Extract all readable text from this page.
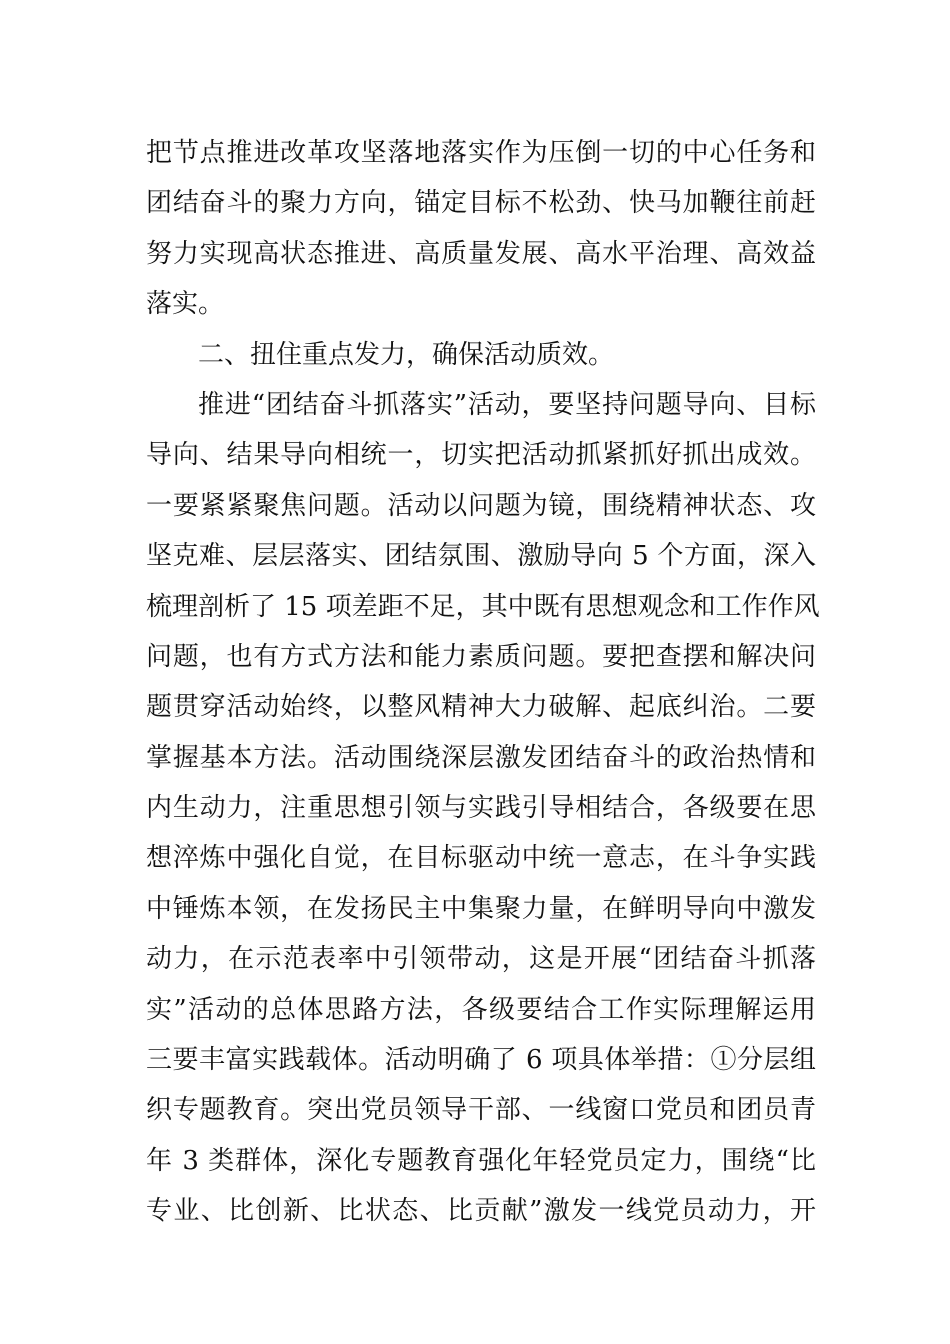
把节点推进改革攻坚落地落实作为压倒一切的中心任务和
团结奋斗的聚力方向，锚定目标不松劲、快马加鞭往前赶
努力实现高状态推进、高质量发展、高水平治理、高效益
落实。
二、扭住重点发力，确保活动质效。
推进“团结奋斗抓落实”活动，要坚持问题导向、目标
导向、结果导向相统一，切实把活动抓紧抓好抓出成效。
一要紧紧聚焦问题。活动以问题为镜，围绕精神状态、攻
坚克难、层层落实、团结氛围、激励导向 5 个方面，深入
梳理剖析了 15 项差距不足，其中既有思想观念和工作作风
问题，也有方式方法和能力素质问题。要把查摆和解决问
题贯穿活动始终，以整风精神大力破解、起底纠治。二要
掌握基本方法。活动围绕深层激发团结奋斗的政治热情和
内生动力，注重思想引领与实践引导相结合，各级要在思
想淬炼中强化自觉，在目标驱动中统一意志，在斗争实践
中锤炼本领，在发扬民主中集聚力量，在鲜明导向中激发
动力，在示范表率中引领带动，这是开展“团结奋斗抓落
实”活动的总体思路方法，各级要结合工作实际理解运用
三要丰富实践载体。活动明确了 6 项具体举措：①分层组
织专题教育。突出党员领导干部、一线窗口党员和团员青
年 3 类群体，深化专题教育强化年轻党员定力，围绕“比
专业、比创新、比状态、比贡献”激发一线党员动力，开
